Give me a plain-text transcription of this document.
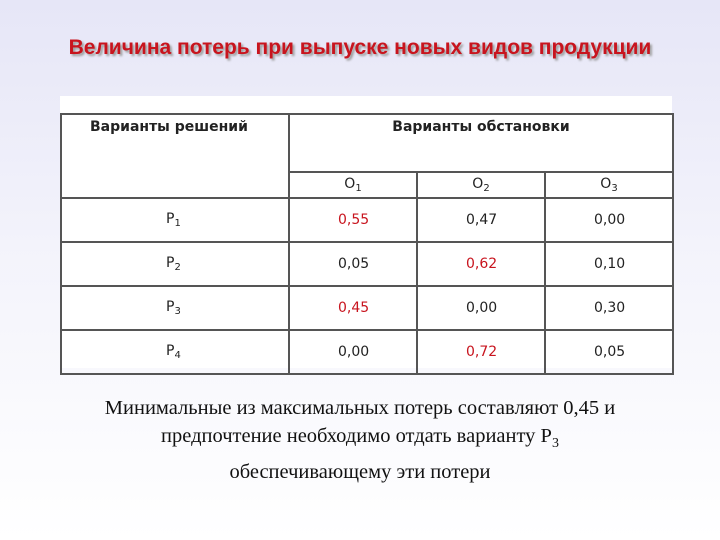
Величина потерь при выпуске новых видов продукции
Варианты решений	Варианты обстановки		
	$O_1$	$O_2$	$O_3$
$P_1$	0,55	0,47	0,00
$P_2$	0,05	0,62	0,10
$P_3$	0,45	0,00	0,30
$P_4$	0,00	0,72	0,05
Минимальные из максимальных потерь составляют 0,45 и
предпочтение необходимо отдать варианту $Р_3$
обеспечивающему эти потери
